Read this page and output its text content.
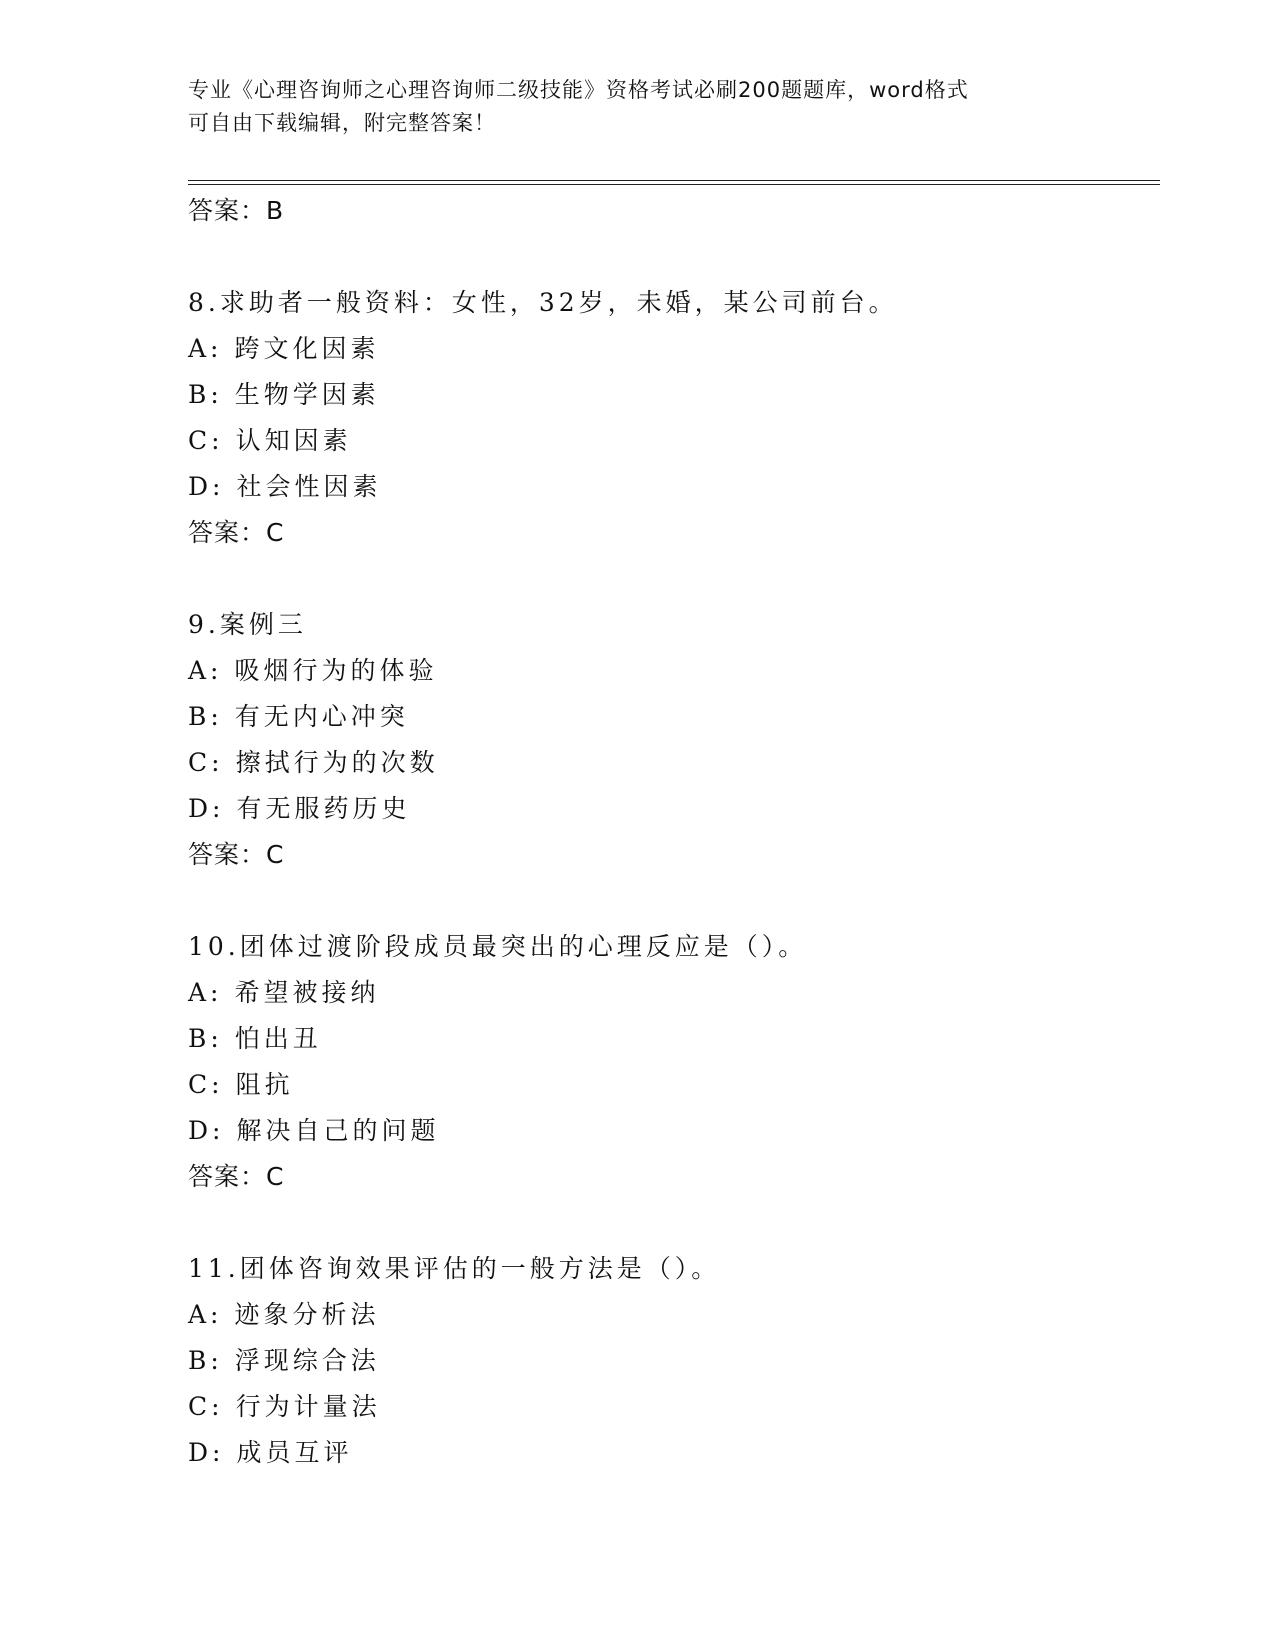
专业《心理咨询师之心理咨询师二级技能》资格考试必刷200题题库，word格式
可自由下载编辑，附完整答案！
答案：B
8.求助者一般资料：女性，32岁，未婚，某公司前台。
A: 跨文化因素
B: 生物学因素
C: 认知因素
D: 社会性因素
答案：C
9.案例三
A: 吸烟行为的体验
B: 有无内心冲突
C: 擦拭行为的次数
D: 有无服药历史
答案：C
10.团体过渡阶段成员最突出的心理反应是（）。
A: 希望被接纳
B: 怕出丑
C: 阻抗
D: 解决自己的问题
答案：C
11.团体咨询效果评估的一般方法是（）。
A: 迹象分析法
B: 浮现综合法
C: 行为计量法
D: 成员互评
